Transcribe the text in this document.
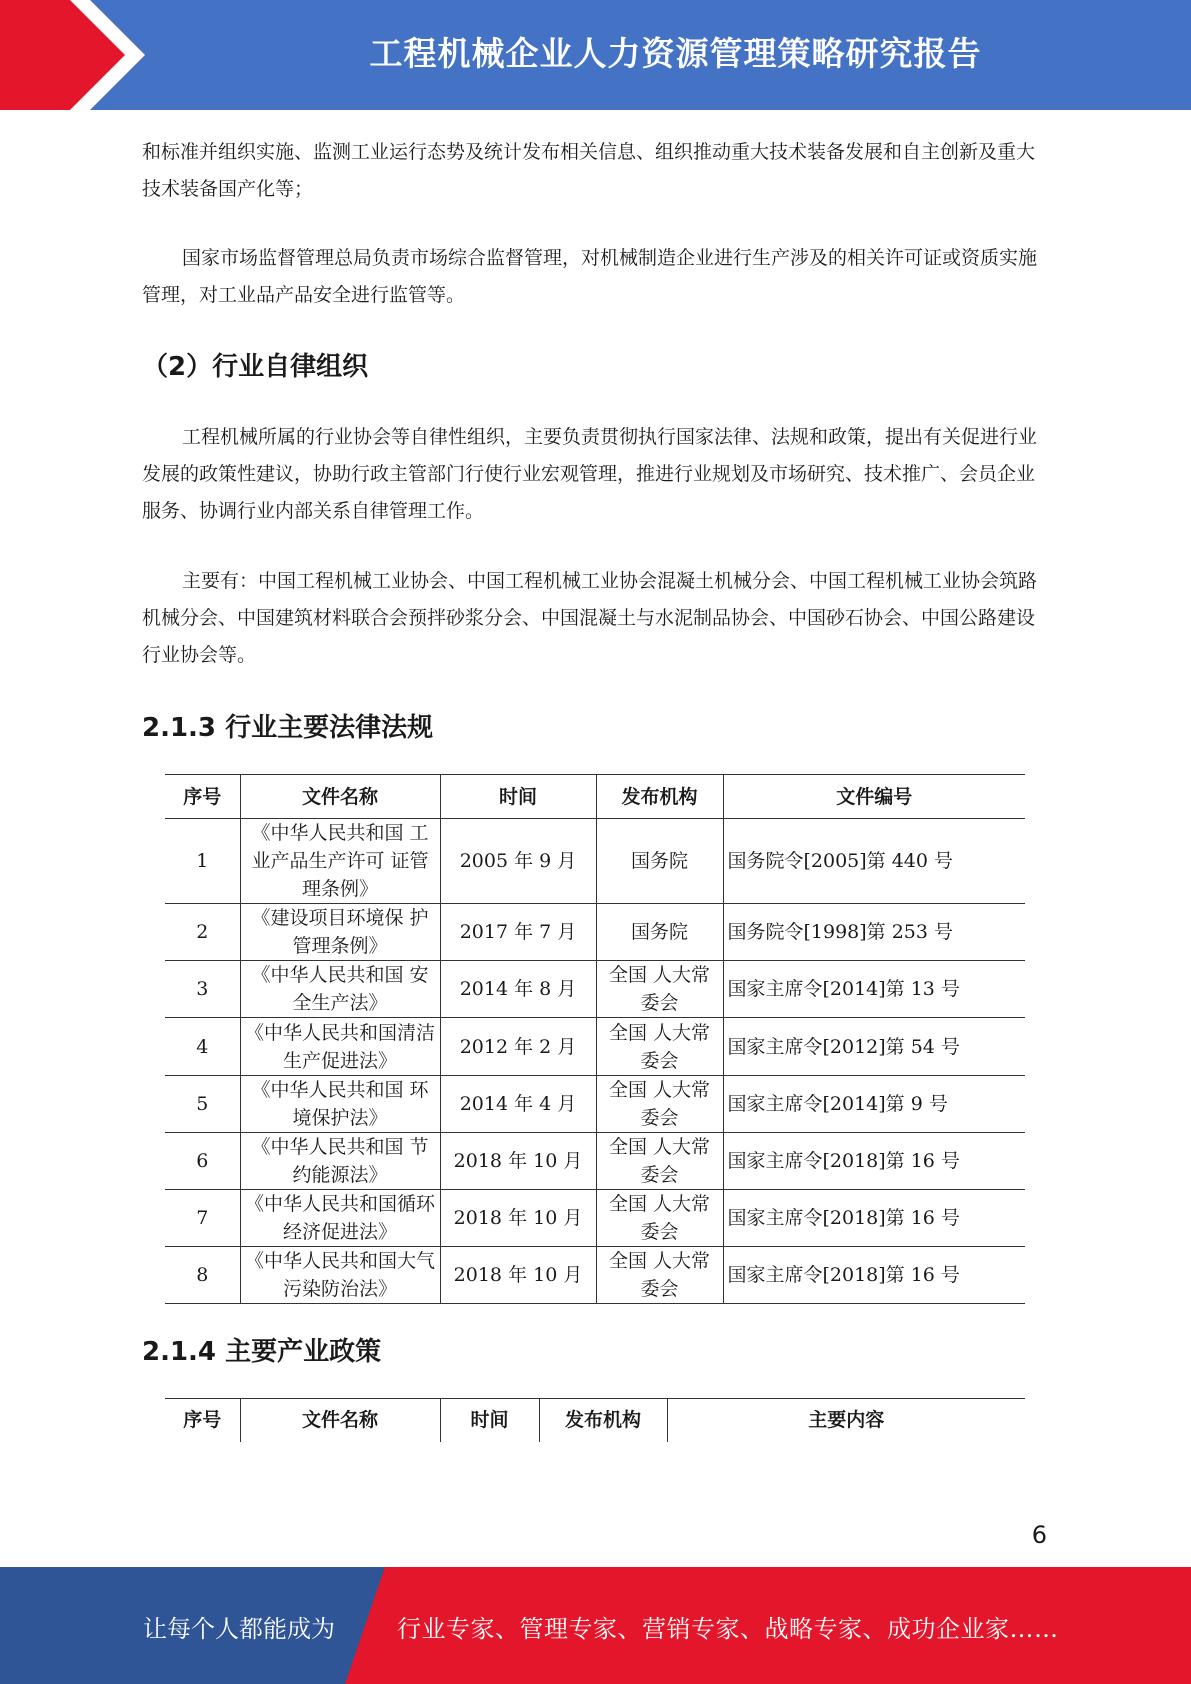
工程机械企业人力资源管理策略研究报告

和标准并组织实施、监测工业运行态势及统计发布相关信息、组织推动重大技术装备发展和自主创新及重大技术装备国产化等；

国家市场监督管理总局负责市场综合监督管理，对机械制造企业进行生产涉及的相关许可证或资质实施管理，对工业品产品安全进行监管等。

（2）行业自律组织

工程机械所属的行业协会等自律性组织，主要负责贯彻执行国家法律、法规和政策，提出有关促进行业发展的政策性建议，协助行政主管部门行使行业宏观管理，推进行业规划及市场研究、技术推广、会员企业服务、协调行业内部关系自律管理工作。

主要有：中国工程机械工业协会、中国工程机械工业协会混凝土机械分会、中国工程机械工业协会筑路机械分会、中国建筑材料联合会预拌砂浆分会、中国混凝土与水泥制品协会、中国砂石协会、中国公路建设行业协会等。

2.1.3 行业主要法律法规
序号	文件名称	时间	发布机构	文件编号
1	《中华人民共和国 工业产品生产许可 证管理条例》	2005 年 9 月	国务院	国务院令[2005]第 440 号
2	《建设项目环境保 护管理条例》	2017 年 7 月	国务院	国务院令[1998]第 253 号
3	《中华人民共和国 安全生产法》	2014 年 8 月	全国 人大常委会	国家主席令[2014]第 13 号
4	《中华人民共和国清洁生产促进法》	2012 年 2 月	全国 人大常委会	国家主席令[2012]第 54 号
5	《中华人民共和国 环境保护法》	2014 年 4 月	全国 人大常委会	国家主席令[2014]第 9 号
6	《中华人民共和国 节约能源法》	2018 年 10 月	全国 人大常委会	国家主席令[2018]第 16 号
7	《中华人民共和国循环经济促进法》	2018 年 10 月	全国 人大常委会	国家主席令[2018]第 16 号
8	《中华人民共和国大气污染防治法》	2018 年 10 月	全国 人大常委会	国家主席令[2018]第 16 号
2.1.4 主要产业政策
序号	文件名称	时间	发布机构	主要内容
6
让每个人都能成为	行业专家、管理专家、营销专家、战略专家、成功企业家……
